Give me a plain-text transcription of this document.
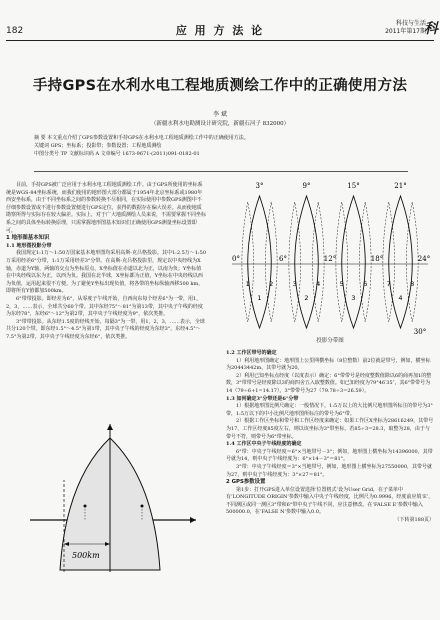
182	应 用 方 法 论
科技与生活
2011年第17期
科
手持GPS在水利水电工程地质测绘工作中的正确使用方法
李 斌
（新疆水利水电勘测设计研究院，新疆石河子 832000）

摘 要 本文重点介绍了GPS参数设置和手持GPS在水利水电工程地质测绘工作中的正确使用方法。

关键词 GPS；坐标系；投影带；参数设置；工程地质测绘

中图分类号 TP 文献标识码 A 文章编号 1673-9671-(2011)091-0182-01

目前，手持GPS被广泛应用于水利水电工程地质测绘工作。由于GPS所使用的坐标系统是WGS-84坐标系统，而我们使用的地形图大部分都属于1954年北京坐标系或1980年西安坐标系，由于不同坐标系之间的参数转换不尽相同，在实际使用中参数GPS测图中不仔细参数设置或不进行参数设置便进行GPS定位，获得的数据存在偏大误差。从而使地质勘察所得与实际存在较大偏差。实际上，对于广大地质测绘人员来说，不需要掌握不同坐标系之间的具体坐标转换原理，只需掌握地形图基本知识们正确使用GPS测量坐标设置即可。

1 地形图基本知识

1.1 地形图投影分带

我国规定1:1万～1:50万国家基本地形图均采用高斯-克吕格投影。其中1:2.5万～1:50万采用经差6°分带，1:1万采用经差3°分带。在高斯-克吕格投影里，规定以中央经线为X轴，赤道为Y轴，两轴的交点为坐标原点，X坐标值在赤道以北为正，以南为负；Y坐标值在中央经线以东为正，以西为负。我国在北半球，X坐标都为正值，Y坐标在中央经线以西为负值，运用起来很不方便。为了避免Y坐标出现负值，将各带的坐标纵轴西移500 km，即将所有Y值都加500km。

6°带带投影。即经差为6°，从零度子午线开始，自西向东每个经差6°为一带，用1，2，3，……表示，全球共分60个带。其中东经75°～81°为第13带，其中央子午线的经度为东经78°，东经6°～12°为第2带，其中央子午线经度为9°，依次类推。

3°带带投影。从东经1.5度的经线开始，每隔3°为一带，用1，2，3，……表示，全球共分120个带。即东经1.5°～4.5°为第1带，其中央子午线的经度为东经3°，东经4.5°～7.5°为第2带，其中央子午线经度为东经6°，依次类推。

500km
3°	9°	15°	21°
0°	6°	12°	18°	24°
30°
1	2	3	4	5	6	7	8
1	2	3	4
投影分带图

1.2 工作区带号的确定

1）利用地形图确定：地形图上公里网横坐标（8位整数）前2位就是带号，例如，横坐标为20443442m，其带号就为20。

2）利用已知坐标点经度（以度表示）确定：6°带带号是经度整数值除以6的商再加1的整数，3°带带号是经度除以3的商四舍五入取整数值。如已知经度为79°46′35″，其6°带带号为14（79÷6+1=14.17），3°带带号为27（79.78÷3=26.59）。

1.3 如何确定3°分带还是6°分带

1）根据地形图比例尺确定：一般情况下，1:5万以上的大比例尺地形图所标注的带号为3°带，1:5万以下的中小比例尺地形图所标注的带号为6°带。

2）根据工作区坐标和带号和工作区经度来确定：如果工作区X坐标为28616249，其带号为17，工作区经度85度左右，则以该坐标为3°带坐标，若85÷3=28.3，取整为28，由于与带号不符，则带号为6°带坐标。

1.4 工作区中央子午线经度的确定

6°带：中央子午线经度＝6°×当地带号－3°；例如，地形图上横坐标为14396000，其带号就为14，则中央子午线经度为：6°×14－3°＝81°。

3°带：中央子午线经度＝3°×当地带号，例如，地形图上横坐标为27550000，其带号就为27，则中央子午线经度为：3°×27＝81°。

2 GPS参数设置

第1步：打开GPS进入单位设置选择‘位置格式’设为User Grid，在子菜单中有‘LONGITUDE ORIGIN’参数中输入中央子午线经度，比例尺为0.9996，经度前应填‘E’，不同测区或同一测区3°带和6°带中央子午线不同，应注意修改。在‘FALSE E’参数中输入500000.0，在‘FALSE N’参数中输入0.0。

（下转第188页）
